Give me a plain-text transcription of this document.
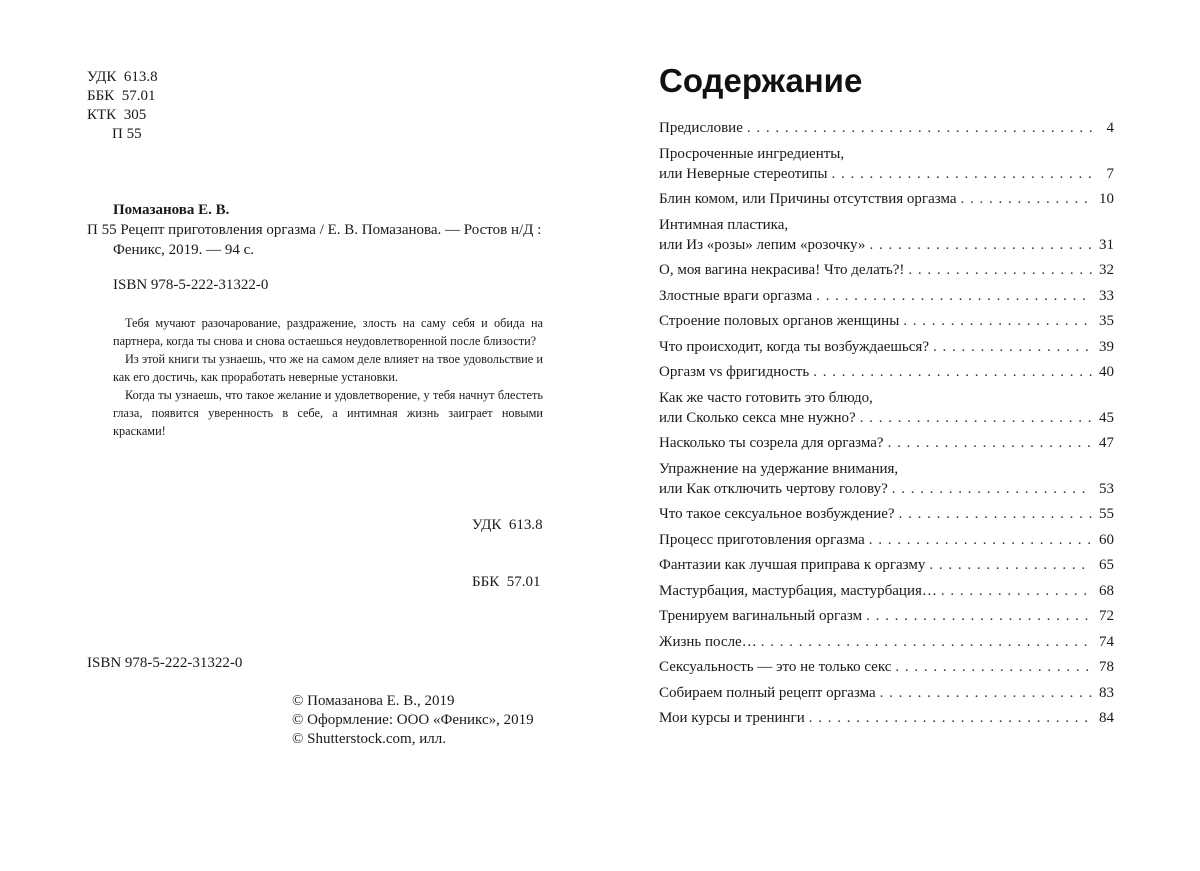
УДК 613.8
ББК 57.01
КТК 305
П 55
Помазанова Е. В.
П 55 Рецепт приготовления оргазма / Е. В. Помазанова. — Ростов н/Д :
Феникс, 2019. — 94 с.
ISBN 978-5-222-31322-0

Тебя мучают разочарование, раздражение, злость на саму себя и обида на партнера, когда ты снова и снова остаешься неудовлетворенной после близости?

Из этой книги ты узнаешь, что же на самом деле влияет на твое удовольствие и как его достичь, как проработать неверные установки.

Когда ты узнаешь, что такое желание и удовлетворение, у тебя начнут блестеть глаза, появится уверенность в себе, а интимная жизнь заиграет новыми красками!

УДК 613.8

ББК 57.01

ISBN 978-5-222-31322-0
© Помазанова Е. В., 2019
© Оформление: ООО «Феникс», 2019
© Shutterstock.com, илл.
Содержание
Предисловие . . .	4
Просроченные ингредиенты,
или Неверные стереотипы . . .	7
Блин комом, или Причины отсутствия оргазма . . .	10
Интимная пластика,
или Из «розы» лепим «розочку» . . .	31
О, моя вагина некрасива! Что делать?! . . .	32
Злостные враги оргазма . . .	33
Строение половых органов женщины . . .	35
Что происходит, когда ты возбуждаешься? . . .	39
Оргазм vs фригидность . . .	40
Как же часто готовить это блюдо,
или Сколько секса мне нужно? . . .	45
Насколько ты созрела для оргазма? . . .	47
Упражнение на удержание внимания,
или Как отключить чертову голову? . . .	53
Что такое сексуальное возбуждение? . . .	55
Процесс приготовления оргазма . . .	60
Фантазии как лучшая приправа к оргазму . . .	65
Мастурбация, мастурбация, мастурбация… . . .	68
Тренируем вагинальный оргазм . . .	72
Жизнь после… . . .	74
Сексуальность — это не только секс . . .	78
Собираем полный рецепт оргазма . . .	83
Мои курсы и тренинги . . .	84
